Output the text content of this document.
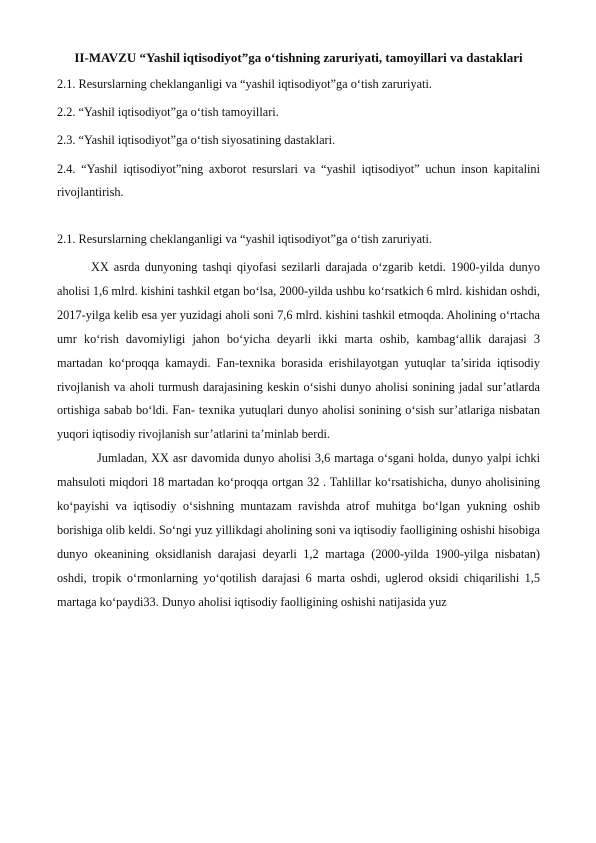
II-MAVZU “Yashil iqtisodiyot”ga o‘tishning zaruriyati, tamoyillari va dastaklari
2.1. Resurslarning cheklanganligi va “yashil iqtisodiyot”ga o‘tish zaruriyati.
2.2. “Yashil iqtisodiyot”ga o‘tish tamoyillari.
2.3. “Yashil iqtisodiyot”ga o‘tish siyosatining dastaklari.
2.4. “Yashil iqtisodiyot”ning axborot resurslari va “yashil iqtisodiyot” uchun inson kapitalini rivojlantirish.
2.1. Resurslarning cheklanganligi va “yashil iqtisodiyot”ga o‘tish zaruriyati.

XX asrda dunyoning tashqi qiyofasi sezilarli darajada o‘zgarib ketdi. 1900-yilda dunyo aholisi 1,6 mlrd. kishini tashkil etgan bo‘lsa, 2000-yilda ushbu ko‘rsatkich 6 mlrd. kishidan oshdi, 2017-yilga kelib esa yer yuzidagi aholi soni 7,6 mlrd. kishini tashkil etmoqda. Aholining o‘rtacha umr ko‘rish davomiyligi jahon bo‘yicha deyarli ikki marta oshib, kambag‘allik darajasi 3 martadan ko‘proqqa kamaydi. Fan-texnika borasida erishilayotgan yutuqlar ta’sirida iqtisodiy rivojlanish va aholi turmush darajasining keskin o‘sishi dunyo aholisi sonining jadal sur’atlarda ortishiga sabab bo‘ldi. Fan- texnika yutuqlari dunyo aholisi sonining o‘sish sur’atlariga nisbatan yuqori iqtisodiy rivojlanish sur’atlarini ta’minlab berdi.

Jumladan, XX asr davomida dunyo aholisi 3,6 martaga o‘sgani holda, dunyo yalpi ichki mahsuloti miqdori 18 martadan ko‘proqqa ortgan 32 . Tahlillar ko‘rsatishicha, dunyo aholisining ko‘payishi va iqtisodiy o‘sishning muntazam ravishda atrof muhitga bo‘lgan yukning oshib borishiga olib keldi. So‘ngi yuz yillikdagi aholining soni va iqtisodiy faolligining oshishi hisobiga dunyo okeanining oksidlanish darajasi deyarli 1,2 martaga (2000-yilda 1900-yilga nisbatan) oshdi, tropik o‘rmonlarning yo‘qotilish darajasi 6 marta oshdi, uglerod oksidi chiqarilishi 1,5 martaga ko‘paydi33. Dunyo aholisi iqtisodiy faolligining oshishi natijasida yuz
